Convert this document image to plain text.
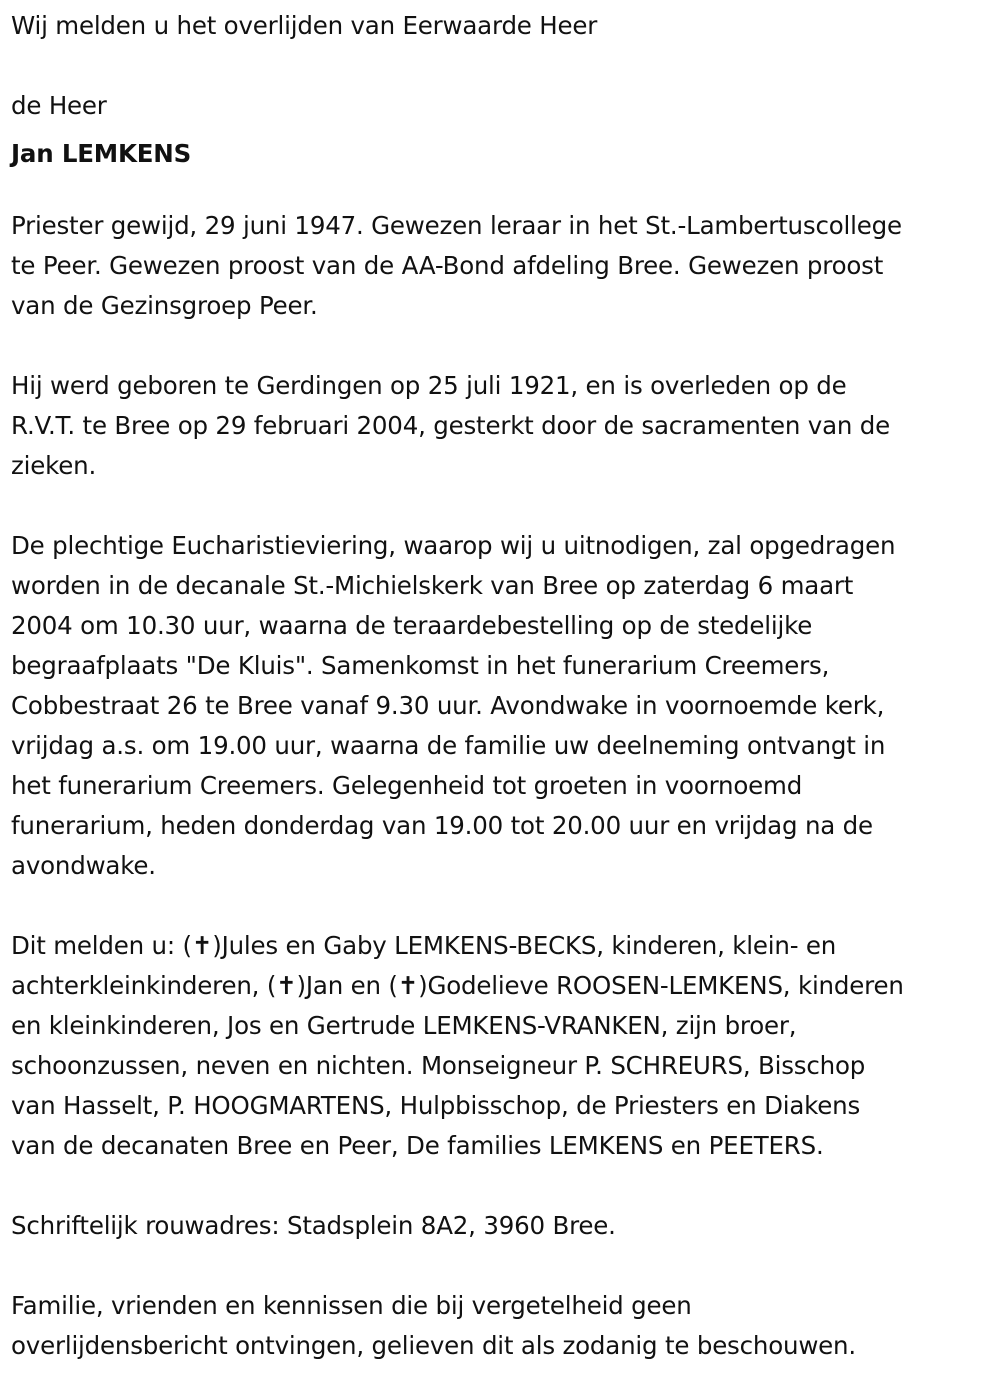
Wij melden u het overlijden van Eerwaarde Heer
de Heer
Jan LEMKENS
Priester gewijd, 29 juni 1947. Gewezen leraar in het St.-Lambertuscollege
te Peer. Gewezen proost van de AA-Bond afdeling Bree. Gewezen proost
van de Gezinsgroep Peer.
Hij werd geboren te Gerdingen op 25 juli 1921, en is overleden op de
R.V.T. te Bree op 29 februari 2004, gesterkt door de sacramenten van de
zieken.
De plechtige Eucharistieviering, waarop wij u uitnodigen, zal opgedragen
worden in de decanale St.-Michielskerk van Bree op zaterdag 6 maart
2004 om 10.30 uur, waarna de teraardebestelling op de stedelijke
begraafplaats "De Kluis". Samenkomst in het funerarium Creemers,
Cobbestraat 26 te Bree vanaf 9.30 uur. Avondwake in voornoemde kerk,
vrijdag a.s. om 19.00 uur, waarna de familie uw deelneming ontvangt in
het funerarium Creemers. Gelegenheid tot groeten in voornoemd
funerarium, heden donderdag van 19.00 tot 20.00 uur en vrijdag na de
avondwake.
Dit melden u: (✝)Jules en Gaby LEMKENS-BECKS, kinderen, klein- en
achterkleinkinderen, (✝)Jan en (✝)Godelieve ROOSEN-LEMKENS, kinderen
en kleinkinderen, Jos en Gertrude LEMKENS-VRANKEN, zijn broer,
schoonzussen, neven en nichten. Monseigneur P. SCHREURS, Bisschop
van Hasselt, P. HOOGMARTENS, Hulpbisschop, de Priesters en Diakens
van de decanaten Bree en Peer, De families LEMKENS en PEETERS.
Schriftelijk rouwadres: Stadsplein 8A2, 3960 Bree.
Familie, vrienden en kennissen die bij vergetelheid geen
overlijdensbericht ontvingen, gelieven dit als zodanig te beschouwen.
